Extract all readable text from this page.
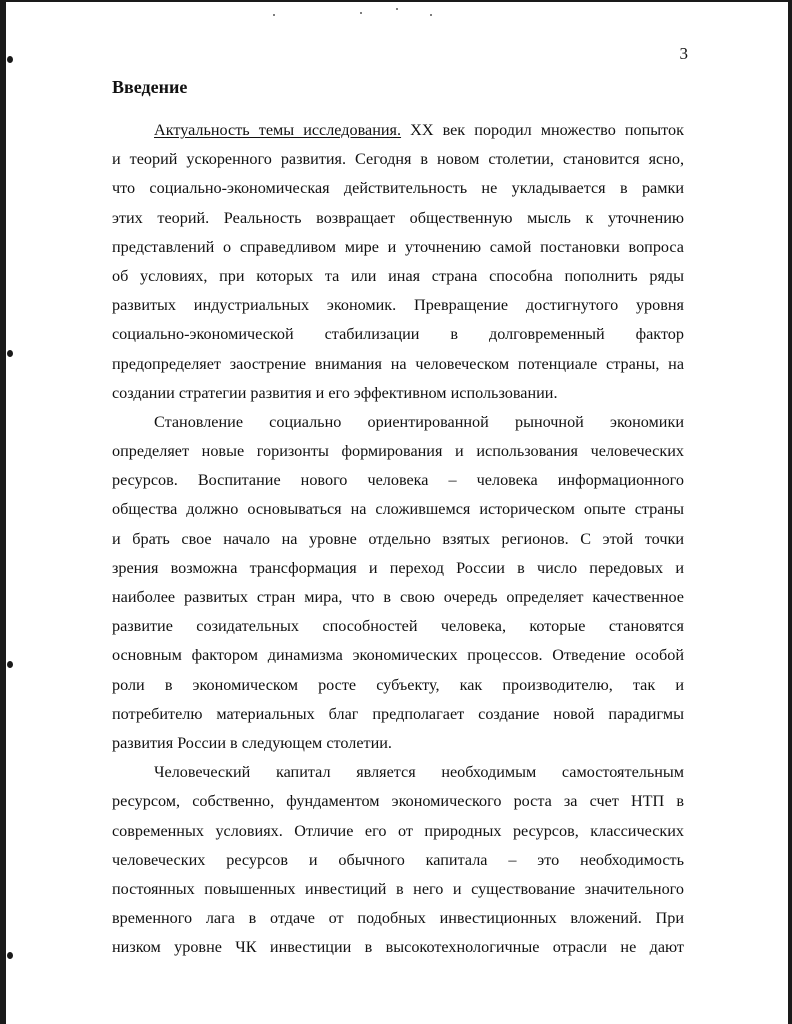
3
Введение
Актуальность темы исследования. XX век породил множество попыток
и теорий ускоренного развития. Сегодня в новом столетии, становится ясно,
что социально-экономическая действительность не укладывается в рамки
этих теорий. Реальность возвращает общественную мысль к уточнению
представлений о справедливом мире и уточнению самой постановки вопроса
об условиях, при которых та или иная страна способна пополнить ряды
развитых индустриальных экономик. Превращение достигнутого уровня
социально-экономической стабилизации в долговременный фактор
предопределяет заострение внимания на человеческом потенциале страны, на
создании стратегии развития и его эффективном использовании.
Становление социально ориентированной рыночной экономики
определяет новые горизонты формирования и использования человеческих
ресурсов. Воспитание нового человека – человека информационного
общества должно основываться на сложившемся историческом опыте страны
и брать свое начало на уровне отдельно взятых регионов. С этой точки
зрения возможна трансформация и переход России в число передовых и
наиболее развитых стран мира, что в свою очередь определяет качественное
развитие созидательных способностей человека, которые становятся
основным фактором динамизма экономических процессов. Отведение особой
роли в экономическом росте субъекту, как производителю, так и
потребителю материальных благ предполагает создание новой парадигмы
развития России в следующем столетии.
Человеческий капитал является необходимым самостоятельным
ресурсом, собственно, фундаментом экономического роста за счет НТП в
современных условиях. Отличие его от природных ресурсов, классических
человеческих ресурсов и обычного капитала – это необходимость
постоянных повышенных инвестиций в него и существование значительного
временного лага в отдаче от подобных инвестиционных вложений. При
низком уровне ЧК инвестиции в высокотехнологичные отрасли не дают
